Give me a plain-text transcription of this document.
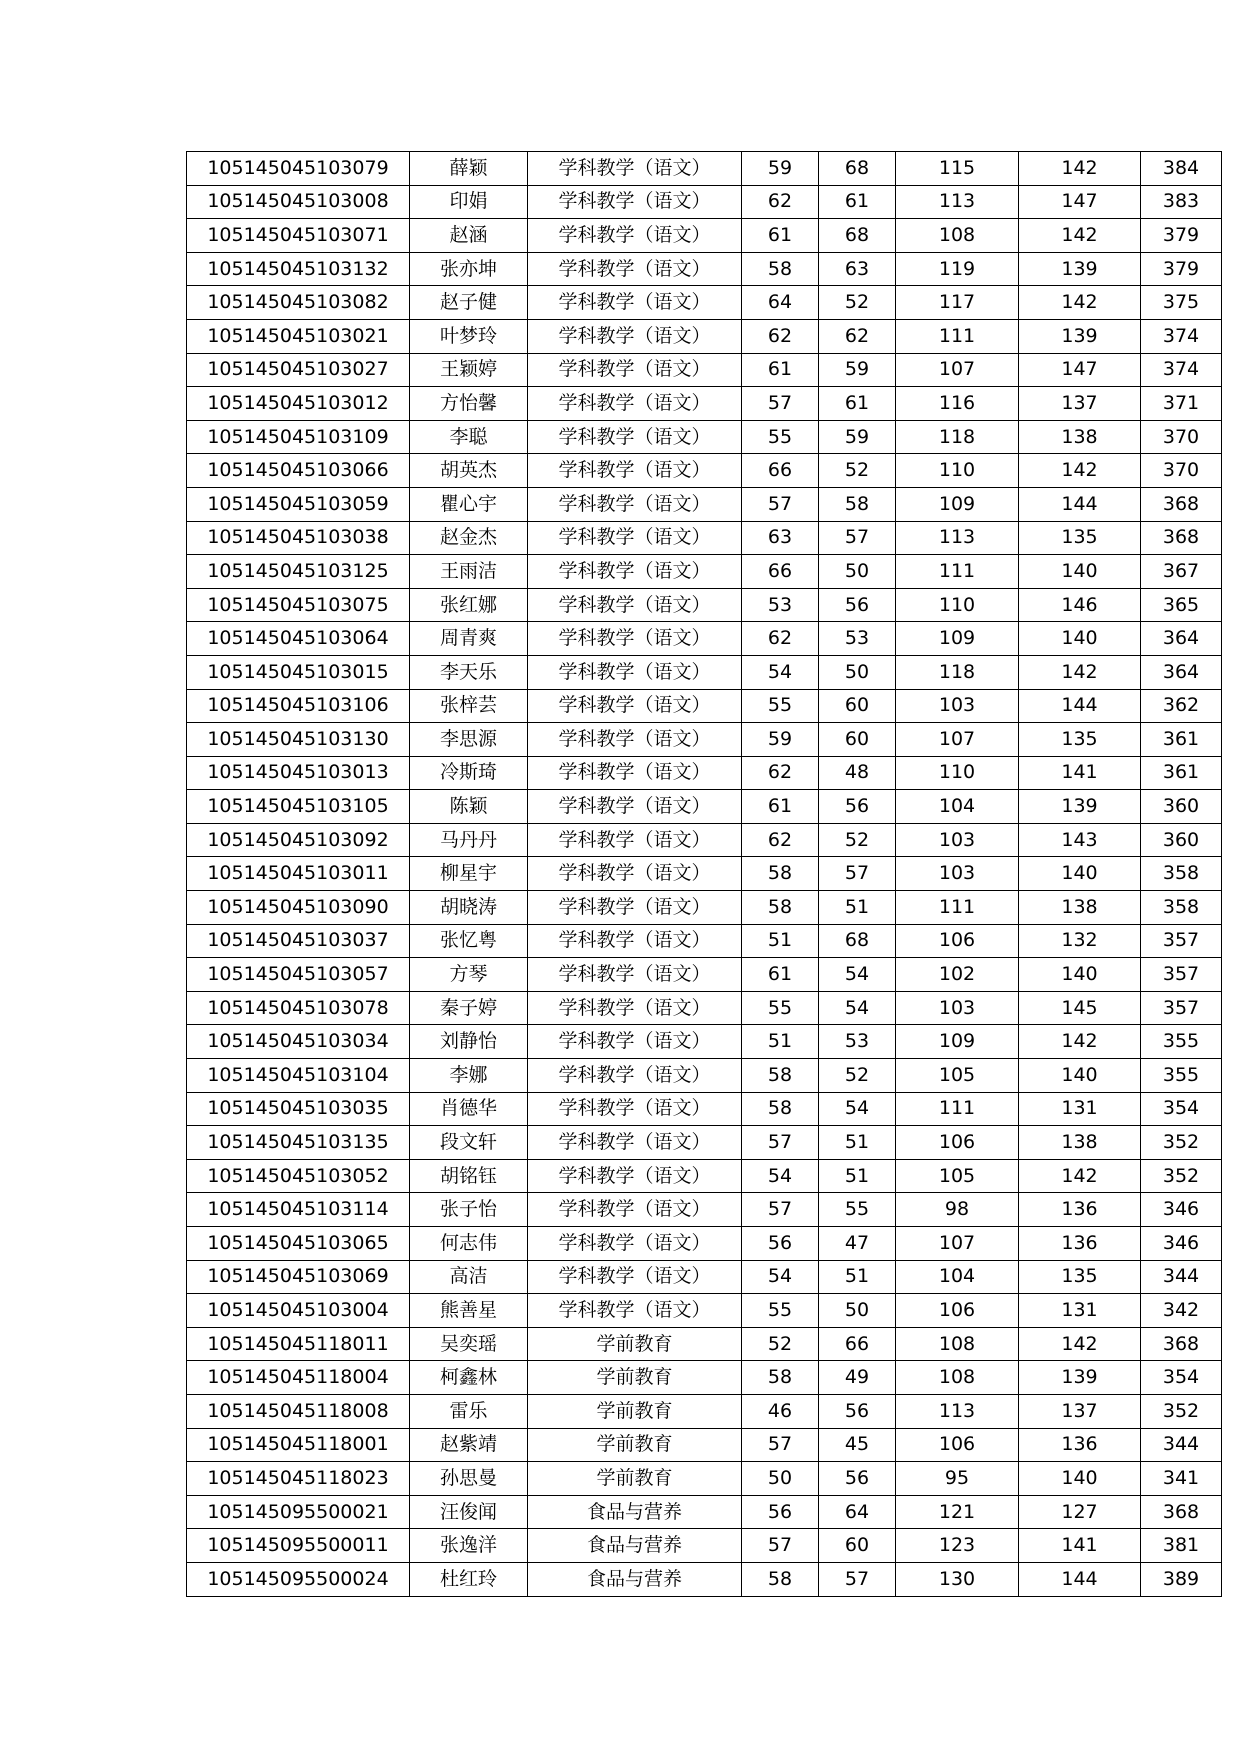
105145045103079	薛颖	学科教学（语文）	59	68	115	142	384
105145045103008	印娟	学科教学（语文）	62	61	113	147	383
105145045103071	赵涵	学科教学（语文）	61	68	108	142	379
105145045103132	张亦坤	学科教学（语文）	58	63	119	139	379
105145045103082	赵子健	学科教学（语文）	64	52	117	142	375
105145045103021	叶梦玲	学科教学（语文）	62	62	111	139	374
105145045103027	王颖婷	学科教学（语文）	61	59	107	147	374
105145045103012	方怡馨	学科教学（语文）	57	61	116	137	371
105145045103109	李聪	学科教学（语文）	55	59	118	138	370
105145045103066	胡英杰	学科教学（语文）	66	52	110	142	370
105145045103059	瞿心宇	学科教学（语文）	57	58	109	144	368
105145045103038	赵金杰	学科教学（语文）	63	57	113	135	368
105145045103125	王雨洁	学科教学（语文）	66	50	111	140	367
105145045103075	张红娜	学科教学（语文）	53	56	110	146	365
105145045103064	周青爽	学科教学（语文）	62	53	109	140	364
105145045103015	李天乐	学科教学（语文）	54	50	118	142	364
105145045103106	张梓芸	学科教学（语文）	55	60	103	144	362
105145045103130	李思源	学科教学（语文）	59	60	107	135	361
105145045103013	冷斯琦	学科教学（语文）	62	48	110	141	361
105145045103105	陈颖	学科教学（语文）	61	56	104	139	360
105145045103092	马丹丹	学科教学（语文）	62	52	103	143	360
105145045103011	柳星宇	学科教学（语文）	58	57	103	140	358
105145045103090	胡晓涛	学科教学（语文）	58	51	111	138	358
105145045103037	张忆粤	学科教学（语文）	51	68	106	132	357
105145045103057	方琴	学科教学（语文）	61	54	102	140	357
105145045103078	秦子婷	学科教学（语文）	55	54	103	145	357
105145045103034	刘静怡	学科教学（语文）	51	53	109	142	355
105145045103104	李娜	学科教学（语文）	58	52	105	140	355
105145045103035	肖德华	学科教学（语文）	58	54	111	131	354
105145045103135	段文轩	学科教学（语文）	57	51	106	138	352
105145045103052	胡铭钰	学科教学（语文）	54	51	105	142	352
105145045103114	张子怡	学科教学（语文）	57	55	98	136	346
105145045103065	何志伟	学科教学（语文）	56	47	107	136	346
105145045103069	高洁	学科教学（语文）	54	51	104	135	344
105145045103004	熊善星	学科教学（语文）	55	50	106	131	342
105145045118011	吴奕瑶	学前教育	52	66	108	142	368
105145045118004	柯鑫林	学前教育	58	49	108	139	354
105145045118008	雷乐	学前教育	46	56	113	137	352
105145045118001	赵紫靖	学前教育	57	45	106	136	344
105145045118023	孙思曼	学前教育	50	56	95	140	341
105145095500021	汪俊闻	食品与营养	56	64	121	127	368
105145095500011	张逸洋	食品与营养	57	60	123	141	381
105145095500024	杜红玲	食品与营养	58	57	130	144	389
